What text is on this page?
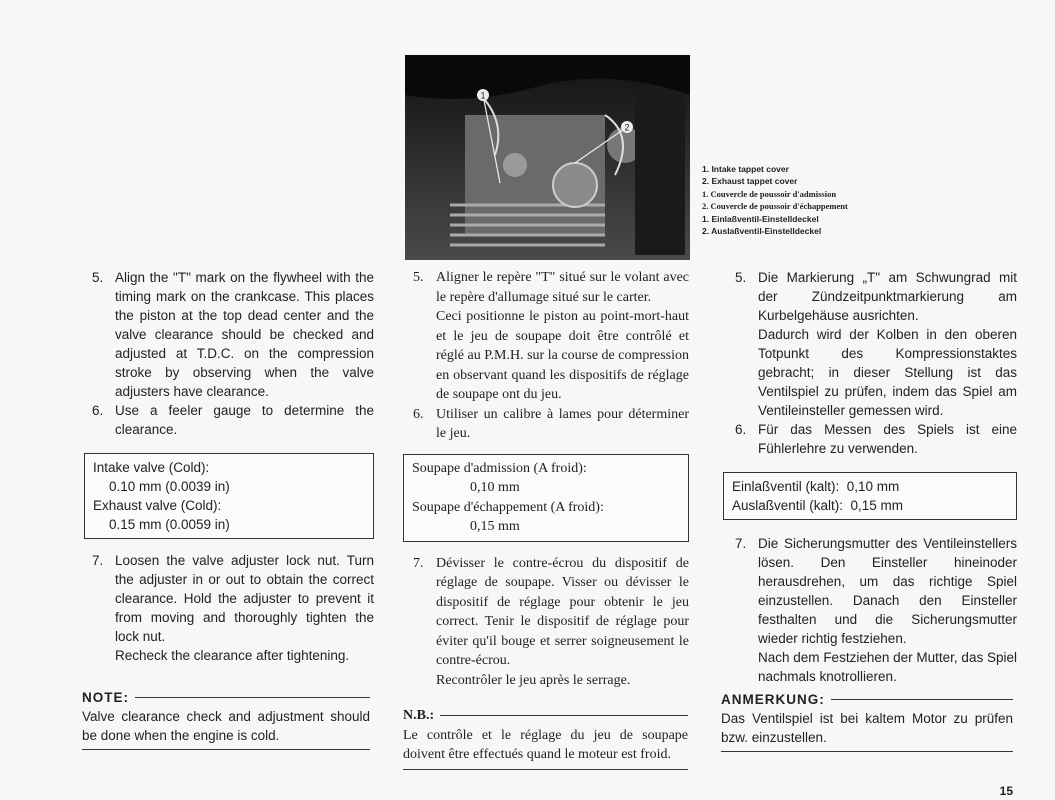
1
2
1. Intake tappet cover
2. Exhaust tappet cover
1. Couvercle de poussoir d'admission
2. Couvercle de poussoir d'échappement
1. Einlaßventil-Einstelldeckel
2. Auslaßventil-Einstelldeckel
5. Align the "T" mark on the flywheel with the timing mark on the crankcase. This places the piston at the top dead center and the valve clearance should be checked and adjusted at T.D.C. on the compression stroke by observing when the valve adjusters have clearance.
6. Use a feeler gauge to determine the clearance.
Intake valve (Cold):
0.10 mm (0.0039 in)
Exhaust valve (Cold):
0.15 mm (0.0059 in)
7. Loosen the valve adjuster lock nut. Turn the adjuster in or out to obtain the correct clearance. Hold the adjuster to prevent it from moving and thoroughly tighten the lock nut.
Recheck the clearance after tightening.
NOTE:
Valve clearance check and adjustment should be done when the engine is cold.
5. Aligner le repère "T" situé sur le volant avec le repère d'allumage situé sur le carter.
Ceci positionne le piston au point-mort-haut et le jeu de soupape doit être contrôlé et réglé au P.M.H. sur la course de compression en observant quand les dispositifs de réglage de soupape ont du jeu.
6. Utiliser un calibre à lames pour déterminer le jeu.
Soupape d'admission (A froid):
0,10 mm
Soupape d'échappement (A froid):
0,15 mm
7. Dévisser le contre-écrou du dispositif de réglage de soupape. Visser ou dévisser le dispositif de réglage pour obtenir le jeu correct. Tenir le dispositif de réglage pour éviter qu'il bouge et serrer soigneusement le contre-écrou.
Recontrôler le jeu après le serrage.
N.B.:
Le contrôle et le réglage du jeu de soupape doivent être effectués quand le moteur est froid.
5. Die Markierung „T" am Schwungrad mit der Zündzeitpunktmarkierung am Kurbelgehäuse ausrichten.
Dadurch wird der Kolben in den oberen Totpunkt des Kompressionstaktes gebracht; in dieser Stellung ist das Ventilspiel zu prüfen, indem das Spiel am Ventileinsteller gemessen wird.
6. Für das Messen des Spiels ist eine Fühlerlehre zu verwenden.
Einlaßventil (kalt):  0,10 mm
Auslaßventil (kalt):  0,15 mm
7. Die Sicherungsmutter des Ventileinstellers lösen. Den Einsteller hineinoder herausdrehen, um das richtige Spiel einzustellen. Danach den Einsteller festhalten und die Sicherungsmutter wieder richtig festziehen.
Nach dem Festziehen der Mutter, das Spiel nachmals knotrollieren.
ANMERKUNG:
Das Ventilspiel ist bei kaltem Motor zu prüfen bzw. einzustellen.
15
